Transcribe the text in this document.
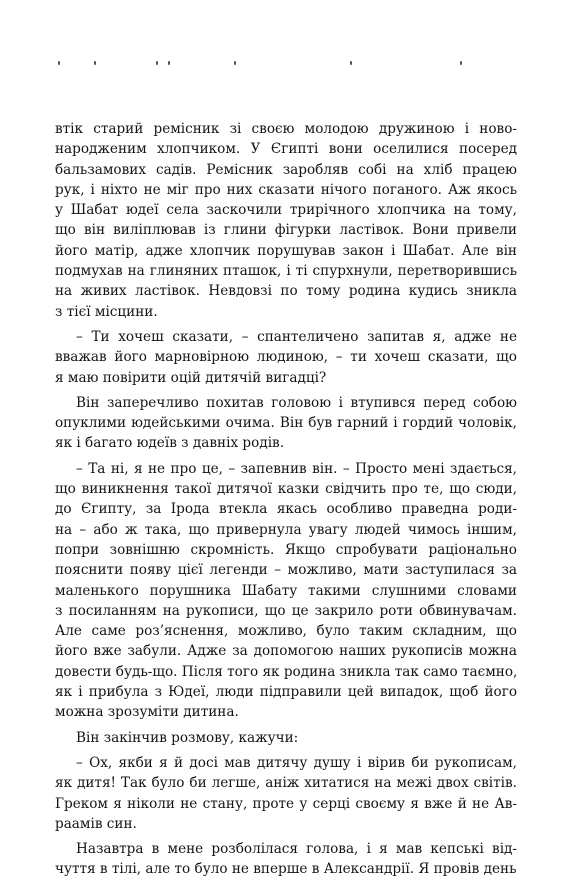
втік старий ремісник зі своєю молодою дружиною і ново-
народженим хлопчиком. У Єгипті вони оселилися посеред
бальзамових садів. Ремісник заробляв собі на хліб працею
рук, і ніхто не міг про них сказати нічого поганого. Аж якось
у Шабат юдеї села заскочили трирічного хлопчика на тому,
що він виліплював із глини фігурки ластівок. Вони привели
його матір, адже хлопчик порушував закон і Шабат. Але він
подмухав на глиняних пташок, і ті спурхнули, перетворившись
на живих ластівок. Невдовзі по тому родина кудись зникла
з тієї місцини.
– Ти хочеш сказати, – спантеличено запитав я, адже не
вважав його марновірною людиною, – ти хочеш сказати, що
я маю повірити оцій дитячій вигадці?
Він заперечливо похитав головою і втупився перед собою
опуклими юдейськими очима. Він був гарний і гордий чоловік,
як і багато юдеїв з давніх родів.
– Та ні, я не про це, – запевнив він. – Просто мені здається,
що виникнення такої дитячої казки свідчить про те, що сюди,
до Єгипту, за Ірода втекла якась особливо праведна роди-
на – або ж така, що привернула увагу людей чимось іншим,
попри зовнішню скромність. Якщо спробувати раціонально
пояснити появу цієї легенди – можливо, мати заступилася за
маленького порушника Шабату такими слушними словами
з посиланням на рукописи, що це закрило роти обвинувачам.
Але саме роз’яснення, можливо, було таким складним, що
його вже забули. Адже за допомогою наших рукописів можна
довести будь-що. Після того як родина зникла так само таємно,
як і прибула з Юдеї, люди підправили цей випадок, щоб його
можна зрозуміти дитина.
Він закінчив розмову, кажучи:
– Ох, якби я й досі мав дитячу душу і вірив би рукописам,
як дитя! Так було би легше, аніж хитатися на межі двох світів.
Греком я ніколи не стану, проте у серці своєму я вже й не Ав-
раамів син.
Назавтра в мене розболілася голова, і я мав кепські від-
чуття в тілі, але то було не вперше в Александрії. Я провів день
